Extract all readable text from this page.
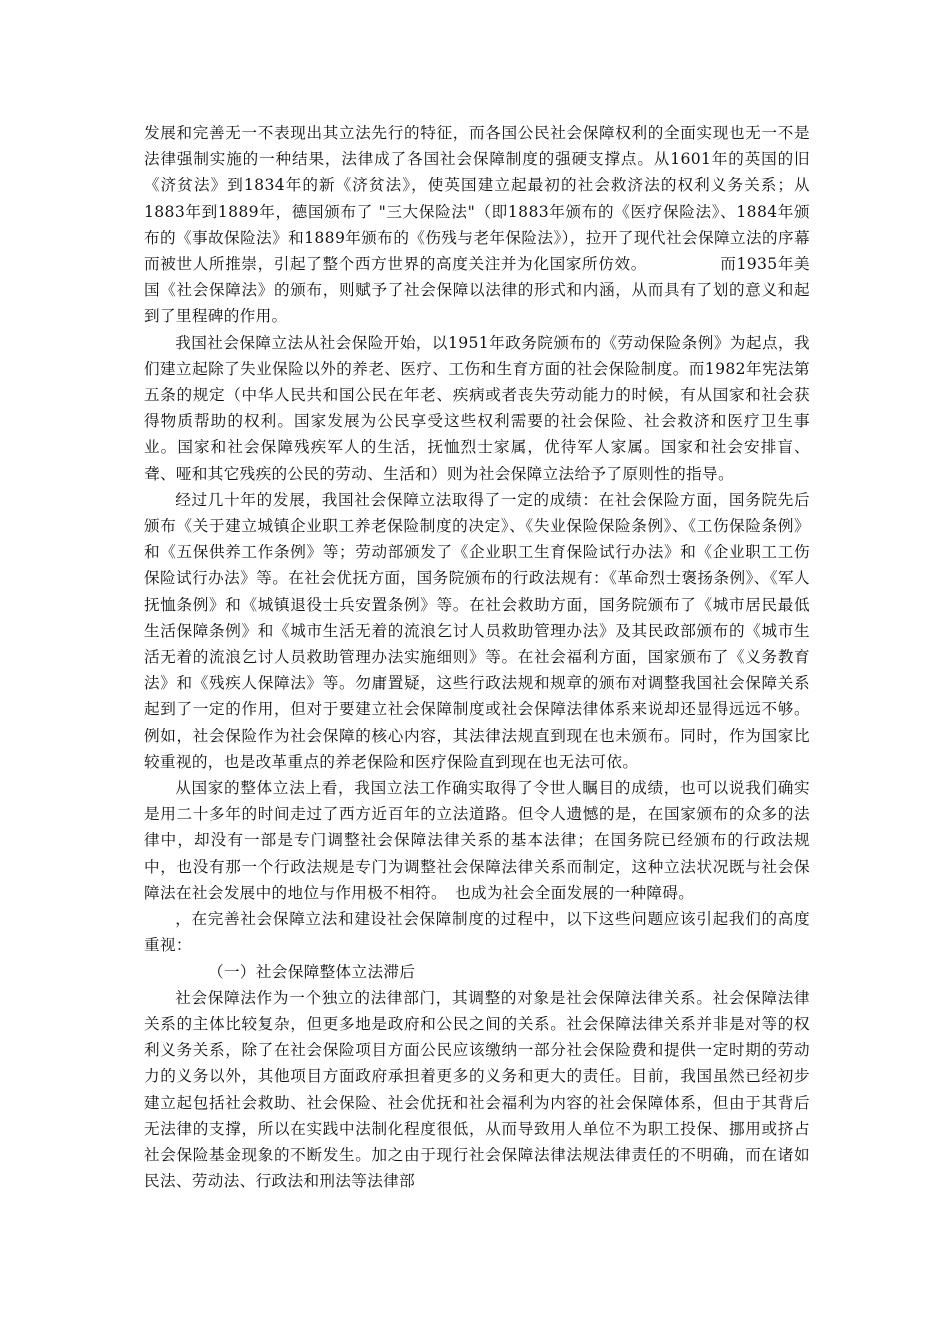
发展和完善无一不表现出其立法先行的特征，而各国公民社会保障权利的全面实现也无一不是法律强制实施的一种结果，法律成了各国社会保障制度的强硬支撑点。从1601年的英国的旧《济贫法》到1834年的新《济贫法》，使英国建立起最初的社会救济法的权利义务关系；从1883年到1889年，德国颁布了 "三大保险法"（即1883年颁布的《医疗保险法》、1884年颁布的《事故保险法》和1889年颁布的《伤残与老年保险法》），拉开了现代社会保障立法的序幕而被世人所推崇，引起了整个西方世界的高度关注并为化国家所仿效。　　　　　而1935年美国《社会保障法》的颁布，则赋予了社会保障以法律的形式和内涵，从而具有了划的意义和起到了里程碑的作用。

我国社会保障立法从社会保险开始，以1951年政务院颁布的《劳动保险条例》为起点，我们建立起除了失业保险以外的养老、医疗、工伤和生育方面的社会保险制度。而1982年宪法第五条的规定（中华人民共和国公民在年老、疾病或者丧失劳动能力的时候，有从国家和社会获得物质帮助的权利。国家发展为公民享受这些权利需要的社会保险、社会救济和医疗卫生事业。国家和社会保障残疾军人的生活，抚恤烈士家属，优待军人家属。国家和社会安排盲、聋、哑和其它残疾的公民的劳动、生活和）则为社会保障立法给予了原则性的指导。

经过几十年的发展，我国社会保障立法取得了一定的成绩：在社会保险方面，国务院先后颁布《关于建立城镇企业职工养老保险制度的决定》、《失业保险保险条例》、《工伤保险条例》和《五保供养工作条例》等；劳动部颁发了《企业职工生育保险试行办法》和《企业职工工伤保险试行办法》等。在社会优抚方面，国务院颁布的行政法规有：《革命烈士褒扬条例》、《军人抚恤条例》和《城镇退役士兵安置条例》等。在社会救助方面，国务院颁布了《城市居民最低生活保障条例》和《城市生活无着的流浪乞讨人员救助管理办法》及其民政部颁布的《城市生活无着的流浪乞讨人员救助管理办法实施细则》等。在社会福利方面，国家颁布了《义务教育法》和《残疾人保障法》等。勿庸置疑，这些行政法规和规章的颁布对调整我国社会保障关系起到了一定的作用，但对于要建立社会保障制度或社会保障法律体系来说却还显得远远不够。例如，社会保险作为社会保障的核心内容，其法律法规直到现在也未颁布。同时，作为国家比较重视的，也是改革重点的养老保险和医疗保险直到现在也无法可依。

从国家的整体立法上看，我国立法工作确实取得了令世人瞩目的成绩，也可以说我们确实是用二十多年的时间走过了西方近百年的立法道路。但令人遗憾的是，在国家颁布的众多的法律中，却没有一部是专门调整社会保障法律关系的基本法律；在国务院已经颁布的行政法规中，也没有那一个行政法规是专门为调整社会保障法律关系而制定，这种立法状况既与社会保障法在社会发展中的地位与作用极不相符。　也成为社会全面发展的一种障碍。

，在完善社会保障立法和建设社会保障制度的过程中，以下这些问题应该引起我们的高度重视：

（一）社会保障整体立法滞后

社会保障法作为一个独立的法律部门，其调整的对象是社会保障法律关系。社会保障法律关系的主体比较复杂，但更多地是政府和公民之间的关系。社会保障法律关系并非是对等的权利义务关系，除了在社会保险项目方面公民应该缴纳一部分社会保险费和提供一定时期的劳动力的义务以外，其他项目方面政府承担着更多的义务和更大的责任。目前，我国虽然已经初步建立起包括社会救助、社会保险、社会优抚和社会福利为内容的社会保障体系，但由于其背后无法律的支撑，所以在实践中法制化程度很低，从而导致用人单位不为职工投保、挪用或挤占社会保险基金现象的不断发生。加之由于现行社会保障法律法规法律责任的不明确，而在诸如民法、劳动法、行政法和刑法等法律部
